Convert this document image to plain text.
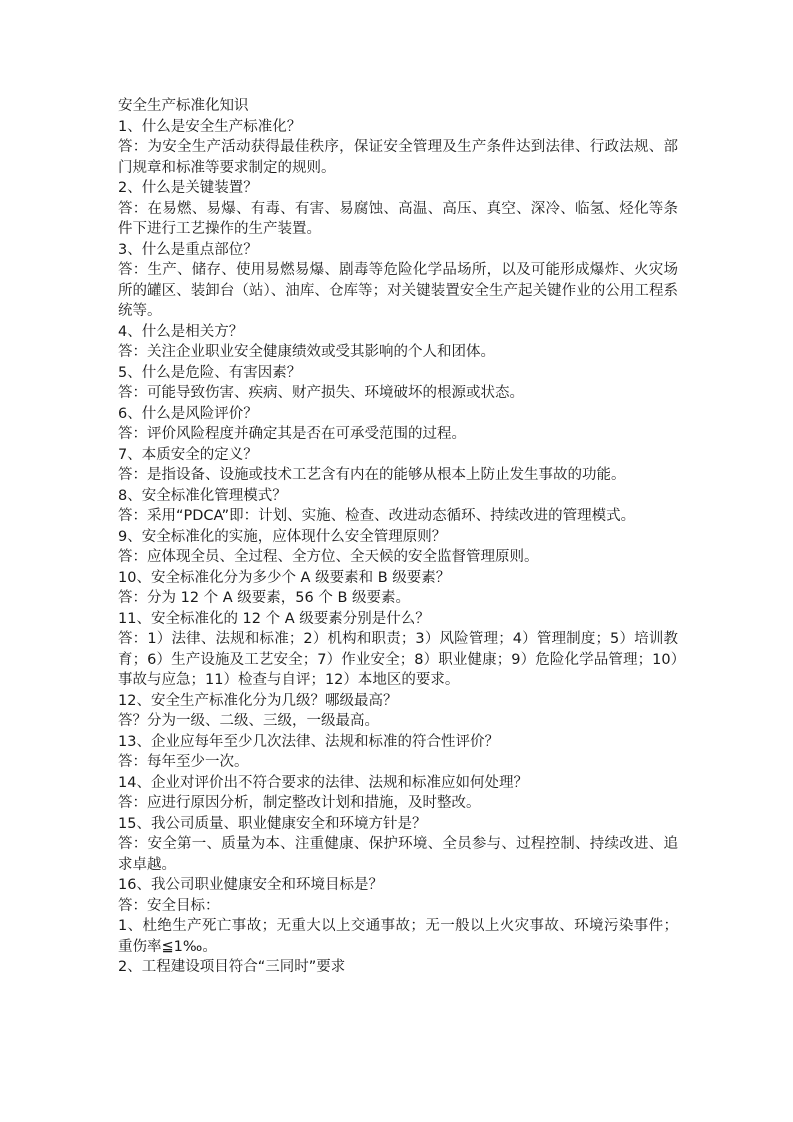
安全生产标准化知识
1、什么是安全生产标准化？
答：为安全生产活动获得最佳秩序，保证安全管理及生产条件达到法律、行政法规、部门规章和标准等要求制定的规则。
2、什么是关键装置？
答：在易燃、易爆、有毒、有害、易腐蚀、高温、高压、真空、深冷、临氢、烃化等条件下进行工艺操作的生产装置。
3、什么是重点部位？
答：生产、储存、使用易燃易爆、剧毒等危险化学品场所，以及可能形成爆炸、火灾场所的罐区、装卸台（站）、油库、仓库等；对关键装置安全生产起关键作业的公用工程系统等。
4、什么是相关方？
答：关注企业职业安全健康绩效或受其影响的个人和团体。
5、什么是危险、有害因素？
答：可能导致伤害、疾病、财产损失、环境破坏的根源或状态。
6、什么是风险评价？
答：评价风险程度并确定其是否在可承受范围的过程。
7、本质安全的定义？
答：是指设备、设施或技术工艺含有内在的能够从根本上防止发生事故的功能。
8、安全标准化管理模式？
答：采用“PDCA”即：计划、实施、检查、改进动态循环、持续改进的管理模式。
9、安全标准化的实施，应体现什么安全管理原则？
答：应体现全员、全过程、全方位、全天候的安全监督管理原则。
10、安全标准化分为多少个 A 级要素和 B 级要素？
答：分为 12 个 A 级要素，56 个 B 级要素。
11、安全标准化的 12 个 A 级要素分别是什么？
答：1）法律、法规和标准；2）机构和职责；3）风险管理；4）管理制度；5）培训教育；6）生产设施及工艺安全；7）作业安全；8）职业健康；9）危险化学品管理；10）事故与应急；11）检查与自评；12）本地区的要求。
12、安全生产标准化分为几级？哪级最高？
答？分为一级、二级、三级，一级最高。
13、企业应每年至少几次法律、法规和标准的符合性评价？
答：每年至少一次。
14、企业对评价出不符合要求的法律、法规和标准应如何处理？
答：应进行原因分析，制定整改计划和措施，及时整改。
15、我公司质量、职业健康安全和环境方针是？
答：安全第一、质量为本、注重健康、保护环境、全员参与、过程控制、持续改进、追求卓越。
16、我公司职业健康安全和环境目标是？
答：安全目标：
1、杜绝生产死亡事故；无重大以上交通事故；无一般以上火灾事故、环境污染事件；重伤率≦1‰。
2、工程建设项目符合“三同时”要求
